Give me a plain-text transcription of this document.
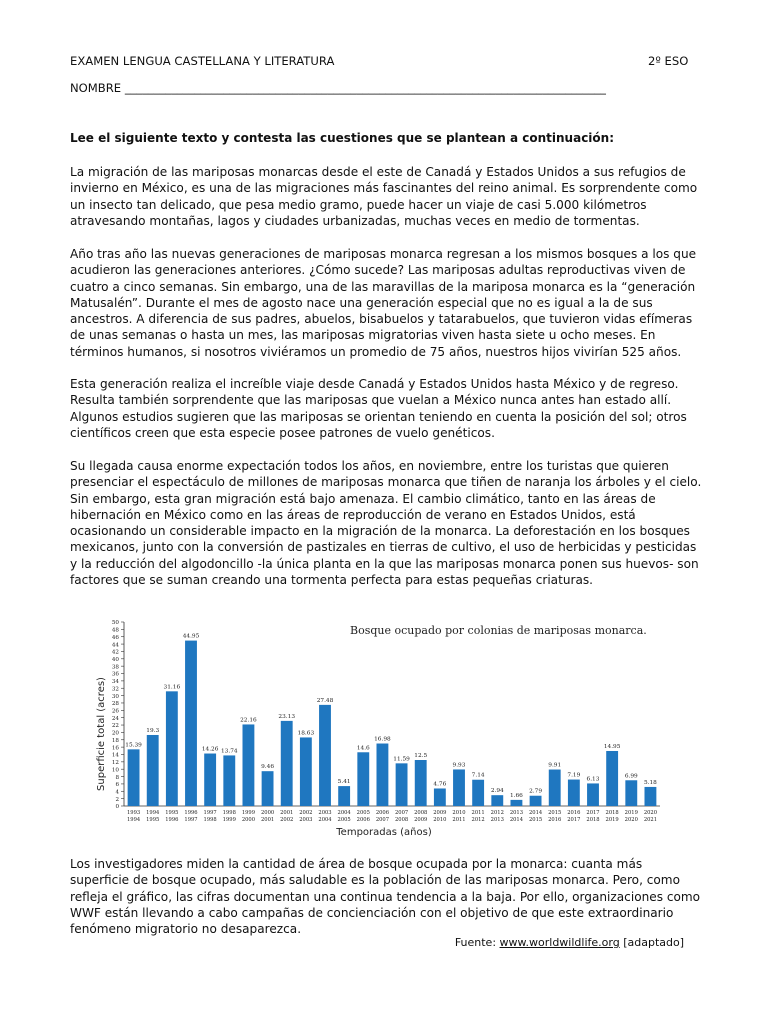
EXAMEN LENGUA CASTELLANA Y LITERATURA	2º ESO
NOMBRE ___________________________________________________________________________________
Lee el siguiente texto y contesta las cuestiones que se plantean a continuación:

La migración de las mariposas monarcas desde el este de Canadá y Estados Unidos a sus refugios de invierno en México, es una de las migraciones más fascinantes del reino animal. Es sorprendente como un insecto tan delicado, que pesa medio gramo, puede hacer un viaje de casi 5.000 kilómetros atravesando montañas, lagos y ciudades urbanizadas, muchas veces en medio de tormentas.

Año tras año las nuevas generaciones de mariposas monarca regresan a los mismos bosques a los que acudieron las generaciones anteriores. ¿Cómo sucede? Las mariposas adultas reproductivas viven de cuatro a cinco semanas. Sin embargo, una de las maravillas de la mariposa monarca es la “generación Matusalén”. Durante el mes de agosto nace una generación especial que no es igual a la de sus ancestros. A diferencia de sus padres, abuelos, bisabuelos y tatarabuelos, que tuvieron vidas efímeras de unas semanas o hasta un mes, las mariposas migratorias viven hasta siete u ocho meses. En términos humanos, si nosotros viviéramos un promedio de 75 años, nuestros hijos vivirían 525 años.

Esta generación realiza el increíble viaje desde Canadá y Estados Unidos hasta México y de regreso. Resulta también sorprendente que las mariposas que vuelan a México nunca antes han estado allí. Algunos estudios sugieren que las mariposas se orientan teniendo en cuenta la posición del sol; otros científicos creen que esta especie posee patrones de vuelo genéticos.

Su llegada causa enorme expectación todos los años, en noviembre, entre los turistas que quieren presenciar el espectáculo de millones de mariposas monarca que tiñen de naranja los árboles y el cielo. Sin embargo, esta gran migración está bajo amenaza. El cambio climático, tanto en las áreas de hibernación en México como en las áreas de reproducción de verano en Estados Unidos, está ocasionando un considerable impacto en la migración de la monarca. La deforestación en los bosques mexicanos, junto con la conversión de pastizales en tierras de cultivo, el uso de herbicidas y pesticidas y la reducción del algodoncillo -la única planta en la que las mariposas monarca ponen sus huevos- son factores que se suman creando una tormenta perfecta para estas pequeñas criaturas.

Bosque ocupado por colonias de mariposas monarca.
Superficie total (acres)
Temporadas (años)
0
2
4
6
8
10
12
14
16
18
20
22
24
26
28
30
32
34
36
38
40
42
44
46
48
50
15.39
19.3
31.16
44.95
14.26 13.74
22.16
9.46
23.13
18.63
27.48
5.41
14.6
16.98
11.59
12.5
4.76
9.93
7.14
2.94
1.66
2.79
9.91
7.19
6.13
14.95
6.99
5.18
1993
1994
1994
1995
1995
1996
1996
1997
1997
1998
1998
1999
1999
2000
2000
2001
2001
2002
2002
2003
2003
2004
2004
2005
2005
2006
2006
2007
2007
2008
2008
2009
2009
2010
2010
2011
2011
2012
2012
2013
2013
2014
2014
2015
2015
2016
2016
2017
2017
2018
2018
2019
2019
2020
2020
2021

Los investigadores miden la cantidad de área de bosque ocupada por la monarca: cuanta más superficie de bosque ocupado, más saludable es la población de las mariposas monarca. Pero, como refleja el gráfico, las cifras documentan una continua tendencia a la baja. Por ello, organizaciones como WWF están llevando a cabo campañas de concienciación con el objetivo de que este extraordinario fenómeno migratorio no desaparezca.

Fuente: www.worldwildlife.org [adaptado]
